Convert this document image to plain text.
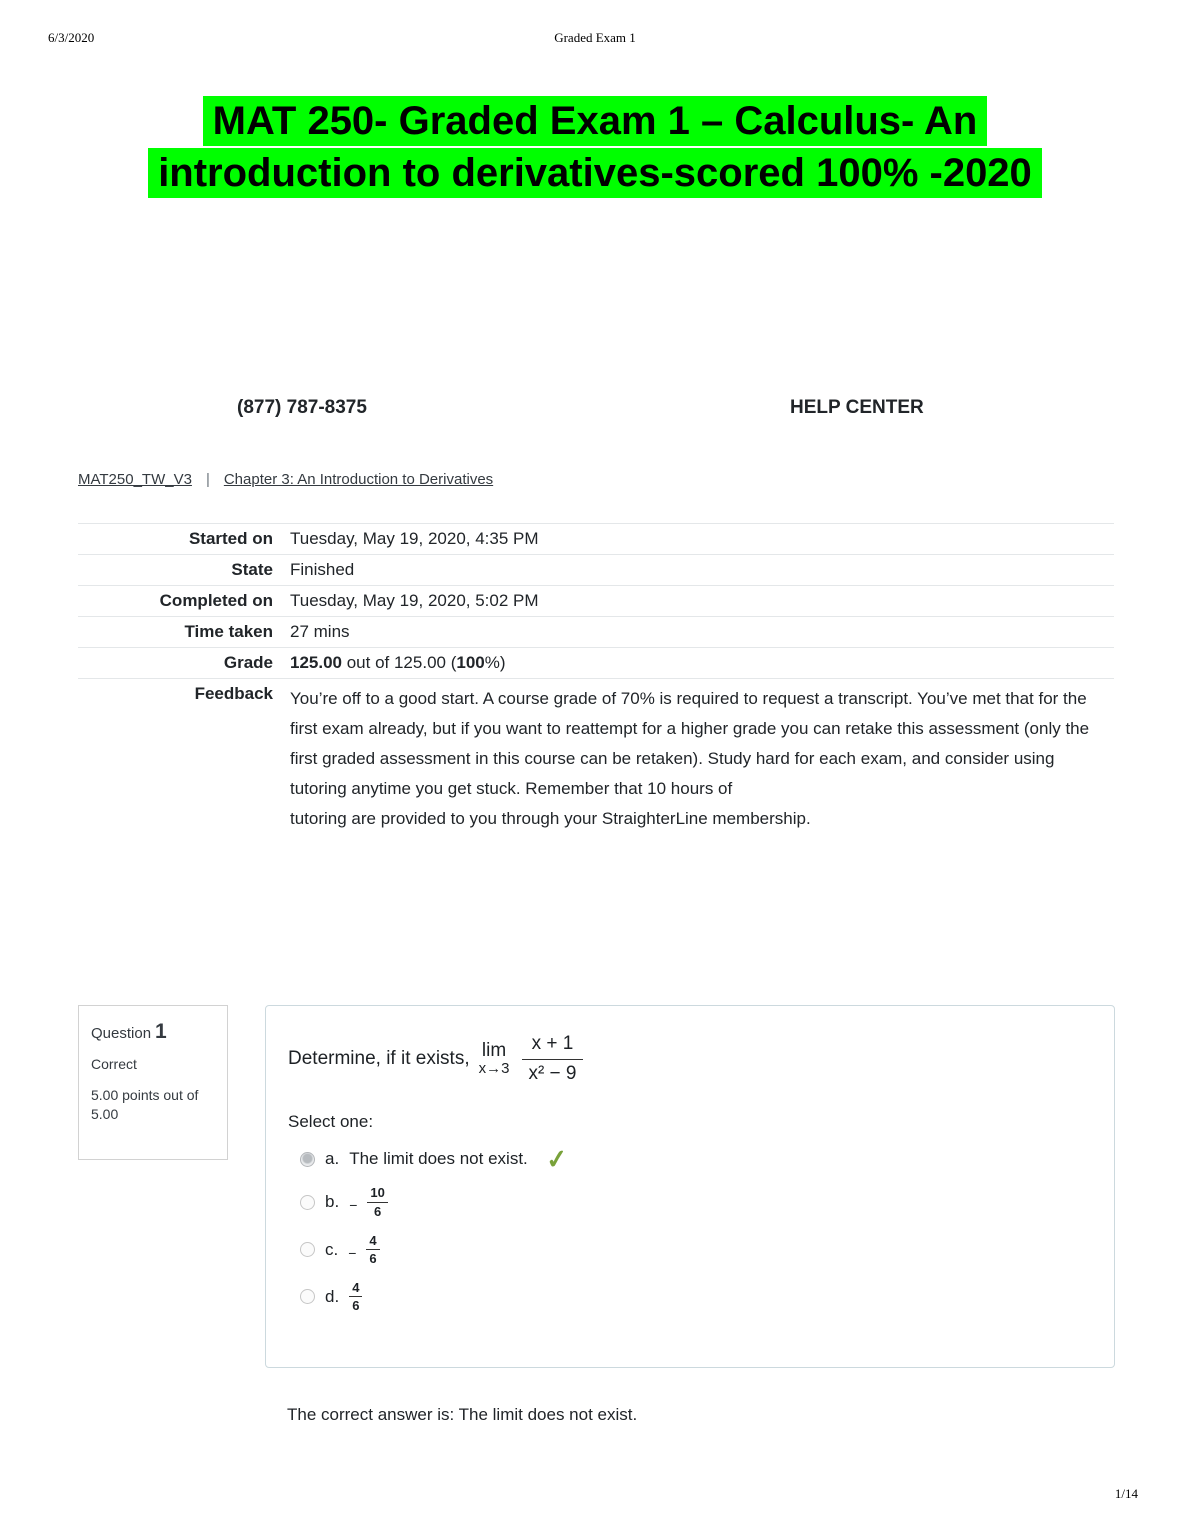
6/3/2020	Graded Exam 1
1/14
MAT 250- Graded Exam 1 – Calculus- An
introduction to derivatives-scored 100% -2020
(877) 787-8375	HELP CENTER
MAT250_TW_V3 | Chapter 3: An Introduction to Derivatives
Started on	Tuesday, May 19, 2020, 4:35 PM
State	Finished
Completed on	Tuesday, May 19, 2020, 5:02 PM
Time taken	27 mins
Grade	125.00 out of 125.00 (100%)
Feedback	You’re off to a good start. A course grade of 70% is required to request a transcript. You’ve met that for the first exam already, but if you want to reattempt for a higher grade you can retake this assessment (only the first graded assessment in this course can be retaken). Study hard for each exam, and consider using tutoring anytime you get stuck. Remember that 10 hours of
tutoring are provided to you through your StraighterLine membership.
Question 1
Correct
5.00 points out of 5.00
Determine, if it exists, lim
$x\to 3 \frac{x + 1}{\text{x² − 9}}$
Select one:
a. The limit does not exist. ✓
b. − $\frac{10}{6}$
c. − $\frac{4}{6}$
d. $\frac{4}{6}$
The correct answer is: The limit does not exist.
